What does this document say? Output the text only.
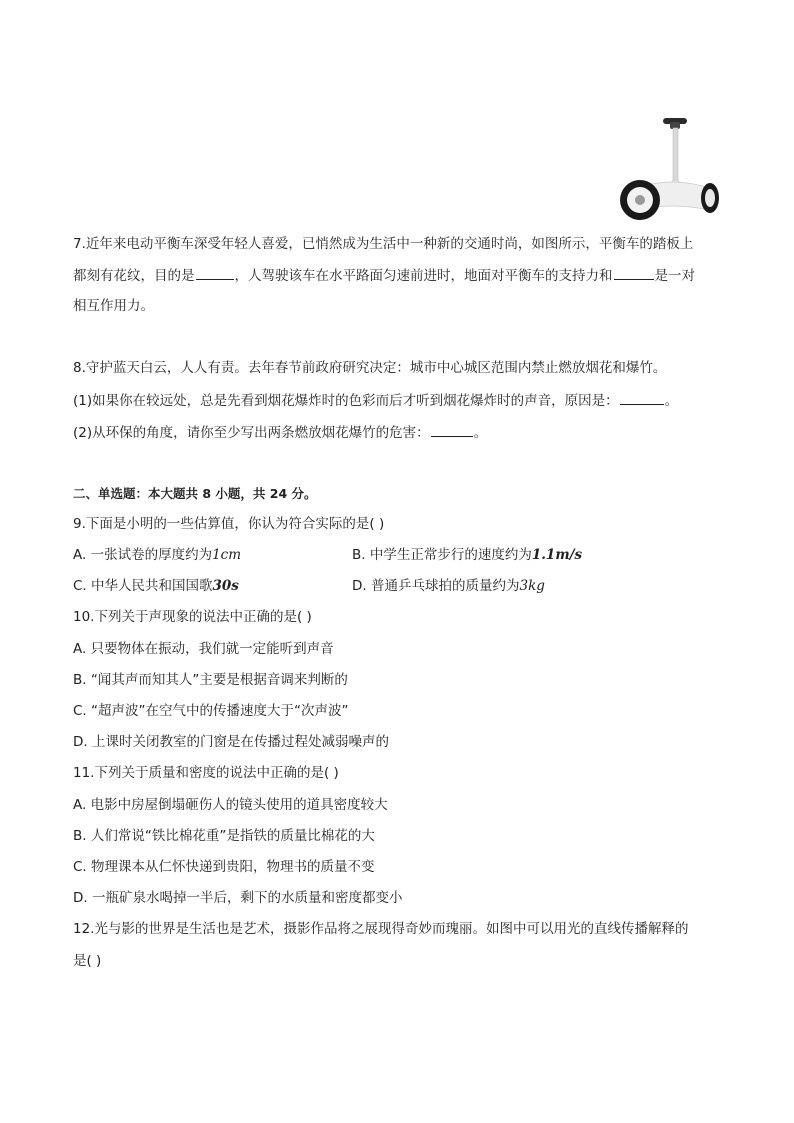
7.近年来电动平衡车深受年轻人喜爱，已悄然成为生活中一种新的交通时尚，如图所示，平衡车的踏板上
都刻有花纹，目的是	，人驾驶该车在水平路面匀速前进时，地面对平衡车的支持力和	是一对
相互作用力。
8.守护蓝天白云，人人有责。去年春节前政府研究决定：城市中心城区范围内禁止燃放烟花和爆竹。
(1)如果你在较远处，总是先看到烟花爆炸时的色彩而后才听到烟花爆炸时的声音，原因是：	。
(2)从环保的角度，请你至少写出两条燃放烟花爆竹的危害：	。
二、单选题：本大题共 8 小题，共 24 分。
9.下面是小明的一些估算值，你认为符合实际的是( )
A. 一张试卷的厚度约为1cm	B. 中学生正常步行的速度约为1.1m/s
C. 中华人民共和国国歌30s	D. 普通乒乓球拍的质量约为3kg
10.下列关于声现象的说法中正确的是( )
A. 只要物体在振动，我们就一定能听到声音
B. “闻其声而知其人”主要是根据音调来判断的
C. “超声波”在空气中的传播速度大于“次声波”
D. 上课时关闭教室的门窗是在传播过程处减弱噪声的
11.下列关于质量和密度的说法中正确的是( )
A. 电影中房屋倒塌砸伤人的镜头使用的道具密度较大
B. 人们常说“铁比棉花重”是指铁的质量比棉花的大
C. 物理课本从仁怀快递到贵阳，物理书的质量不变
D. 一瓶矿泉水喝掉一半后，剩下的水质量和密度都变小
12.光与影的世界是生活也是艺术，摄影作品将之展现得奇妙而瑰丽。如图中可以用光的直线传播解释的
是( )
